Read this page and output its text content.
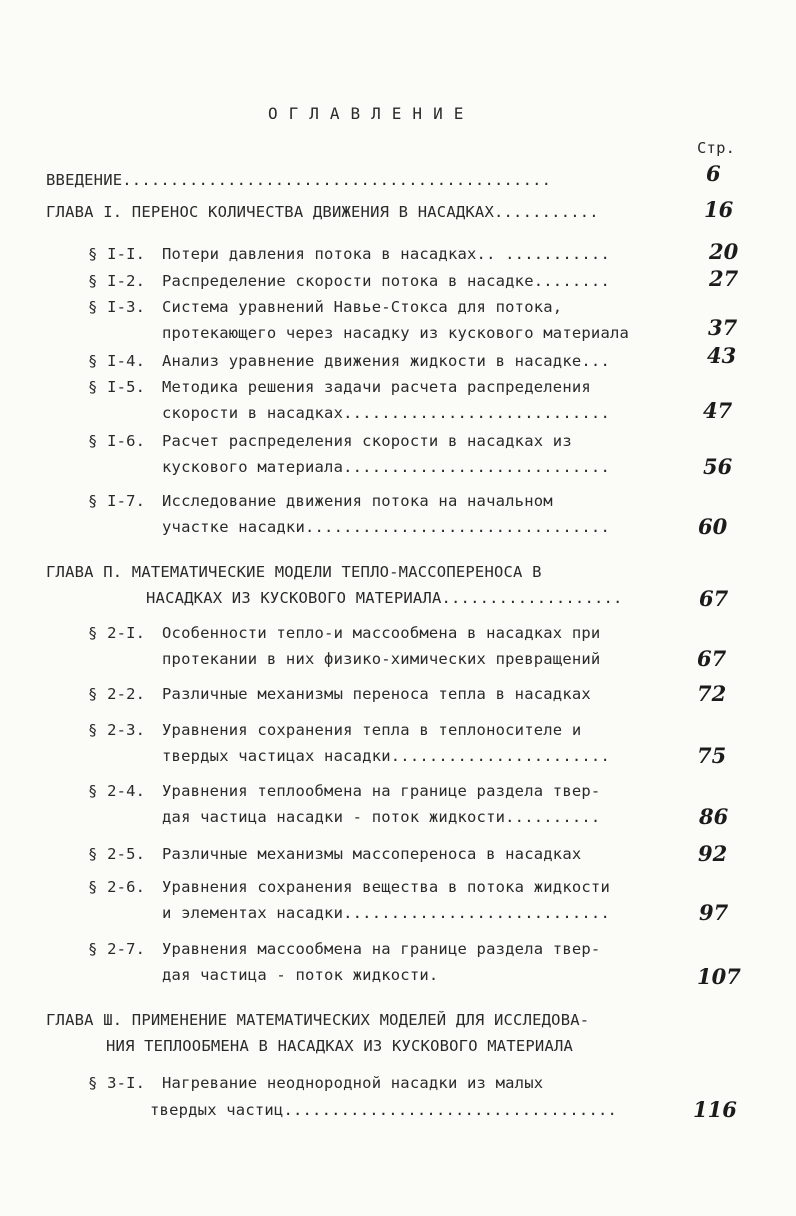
ОГЛАВЛЕНИЕ
Стр.
ВВЕДЕНИЕ.............................................	6
ГЛАВА I. ПЕРЕНОС КОЛИЧЕСТВА ДВИЖЕНИЯ В НАСАДКАХ...........	16
§ I-I. Потери давления потока в насадках.. ...........	20
§ I-2. Распределение скорости потока в насадке........	27
§ I-3. Система уравнений Навье-Стокса для потока,
протекающего через насадку из кускового материала	37
§ I-4. Анализ уравнение движения жидкости в насадке...	43
§ I-5. Методика решения задачи расчета распределения
скорости в насадках............................	47
§ I-6. Расчет распределения скорости в насадках из
кускового материала............................	56
§ I-7. Исследование движения потока на начальном
участке насадки................................	60
ГЛАВА П. МАТЕМАТИЧЕСКИЕ МОДЕЛИ ТЕПЛО-МАССОПЕРЕНОСА В
НАСАДКАХ ИЗ КУСКОВОГО МАТЕРИАЛА...................	67
§ 2-I. Особенности тепло-и массообмена в насадках при
протекании в них физико-химических превращений	67
§ 2-2. Различные механизмы переноса тепла в насадках	72
§ 2-3. Уравнения сохранения тепла в теплоносителе и
твердых частицах насадки.......................	75
§ 2-4. Уравнения теплообмена на границе раздела твер-
дая частица насадки - поток жидкости..........	86
§ 2-5. Различные механизмы массопереноса в насадках	92
§ 2-6. Уравнения сохранения вещества в потока жидкости
и элементах насадки............................	97
§ 2-7. Уравнения массообмена на границе раздела твер-
дая частица - поток жидкости.	107
ГЛАВА Ш. ПРИМЕНЕНИЕ МАТЕМАТИЧЕСКИХ МОДЕЛЕЙ ДЛЯ ИССЛЕДОВА-
НИЯ ТЕПЛООБМЕНА В НАСАДКАХ ИЗ КУСКОВОГО МАТЕРИАЛА
§ 3-I. Нагревание неоднородной насадки из малых
твердых частиц...................................	116
